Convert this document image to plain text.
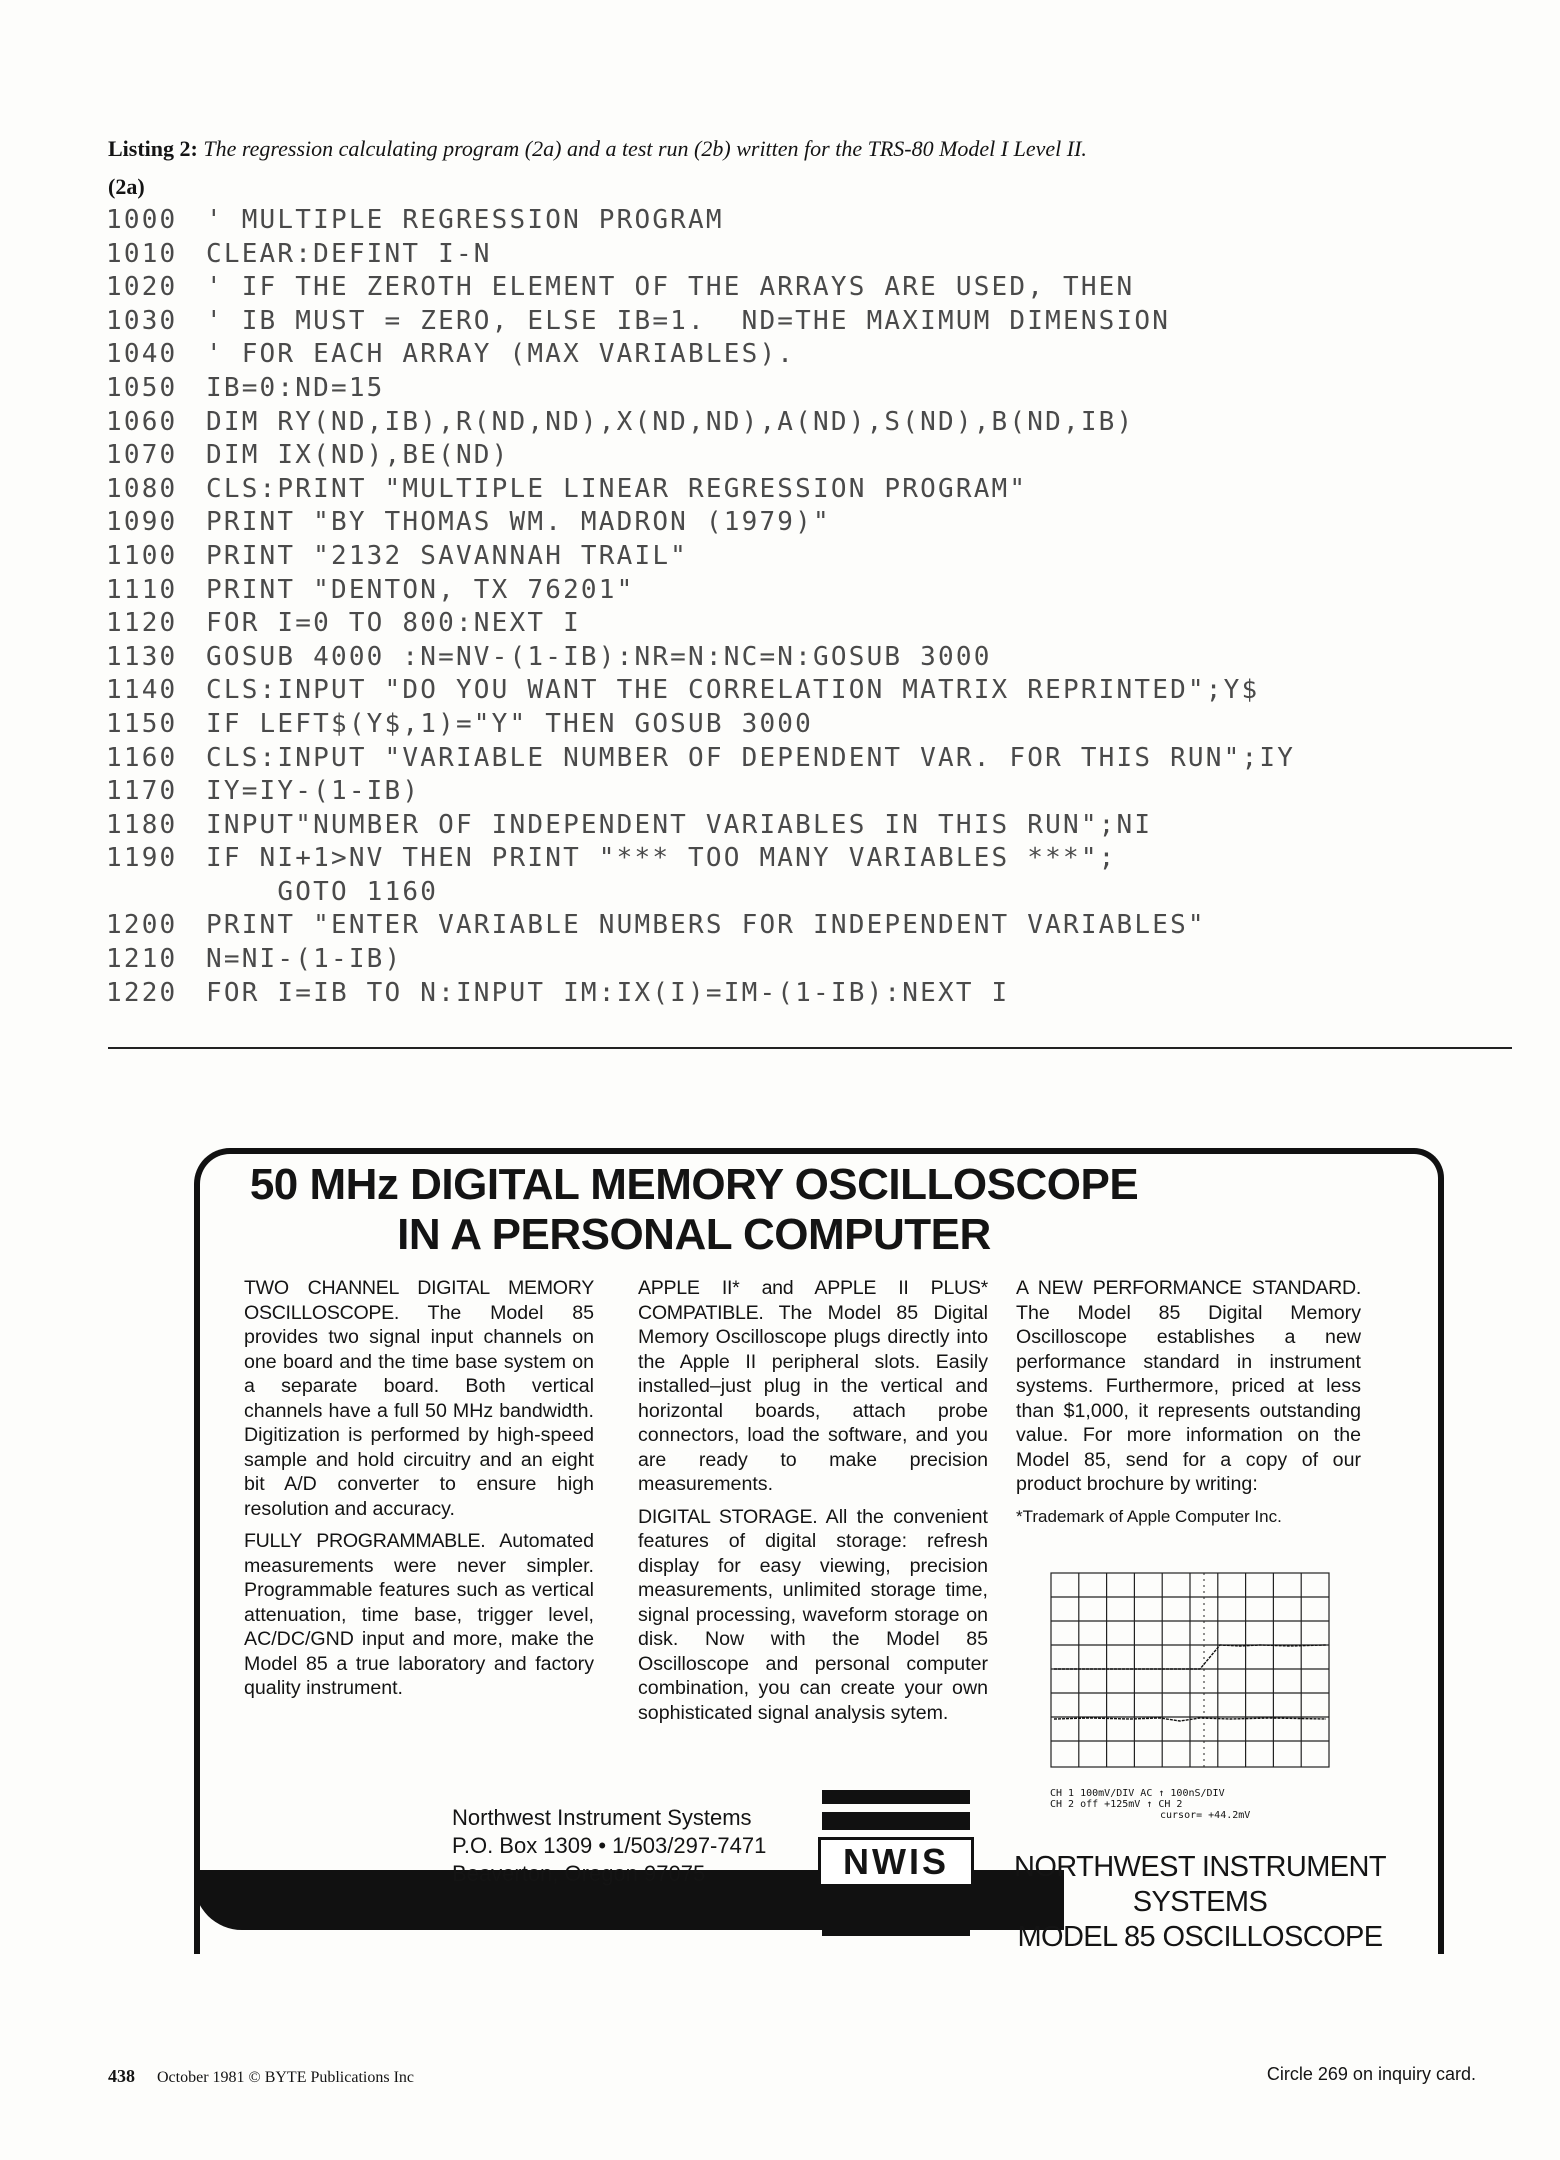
Listing 2: The regression calculating program (2a) and a test run (2b) written for the TRS-80 Model I Level II.
(2a)
1000	' MULTIPLE REGRESSION PROGRAM
1010	CLEAR:DEFINT I-N
1020	' IF THE ZEROTH ELEMENT OF THE ARRAYS ARE USED, THEN
1030	' IB MUST = ZERO, ELSE IB=1.  ND=THE MAXIMUM DIMENSION
1040	' FOR EACH ARRAY (MAX VARIABLES).
1050	IB=0:ND=15
1060	DIM RY(ND,IB),R(ND,ND),X(ND,ND),A(ND),S(ND),B(ND,IB)
1070	DIM IX(ND),BE(ND)
1080	CLS:PRINT "MULTIPLE LINEAR REGRESSION PROGRAM"
1090	PRINT "BY THOMAS WM. MADRON (1979)"
1100	PRINT "2132 SAVANNAH TRAIL"
1110	PRINT "DENTON, TX 76201"
1120	FOR I=0 TO 800:NEXT I
1130	GOSUB 4000 :N=NV-(1-IB):NR=N:NC=N:GOSUB 3000
1140	CLS:INPUT "DO YOU WANT THE CORRELATION MATRIX REPRINTED";Y$
1150	IF LEFT$(Y$,1)="Y" THEN GOSUB 3000
1160	CLS:INPUT "VARIABLE NUMBER OF DEPENDENT VAR. FOR THIS RUN";IY
1170	IY=IY-(1-IB)
1180	INPUT"NUMBER OF INDEPENDENT VARIABLES IN THIS RUN";NI
1190	IF NI+1>NV THEN PRINT "*** TOO MANY VARIABLES ***";
GOTO 1160
1200	PRINT "ENTER VARIABLE NUMBERS FOR INDEPENDENT VARIABLES"
1210	N=NI-(1-IB)
1220	FOR I=IB TO N:INPUT IM:IX(I)=IM-(1-IB):NEXT I
50 MHz DIGITAL MEMORY OSCILLOSCOPE
IN A PERSONAL COMPUTER

TWO CHANNEL DIGITAL MEMORY OSCILLOSCOPE. The Model 85 provides two signal input channels on one board and the time base system on a separate board. Both vertical channels have a full 50 MHz bandwidth. Digitization is performed by high-speed sample and hold circuitry and an eight bit A/D converter to ensure high resolution and accuracy.

FULLY PROGRAMMABLE. Automated measurements were never simpler. Programmable features such as vertical attenuation, time base, trigger level, AC/DC/GND input and more, make the Model 85 a true laboratory and factory quality instrument.

APPLE II* and APPLE II PLUS* COMPATIBLE. The Model 85 Digital Memory Oscilloscope plugs directly into the Apple II peripheral slots. Easily installed–just plug in the vertical and horizontal boards, attach probe connectors, load the software, and you are ready to make precision measurements.

DIGITAL STORAGE. All the convenient features of digital storage: refresh display for easy viewing, precision measurements, unlimited storage time, signal processing, waveform storage on disk. Now with the Model 85 Oscilloscope and personal computer combination, you can create your own sophisticated signal analysis sytem.

A NEW PERFORMANCE STANDARD. The Model 85 Digital Memory Oscilloscope establishes a new performance standard in instrument systems. Furthermore, priced at less than $1,000, it represents outstanding value. For more information on the Model 85, send for a copy of our product brochure by writing:

*Trademark of Apple Computer Inc.

CH 1 100mV/DIV AC ↑ 100nS/DIV
CH 2 off +125mV ↑ CH 2
cursor= +44.2mV
Northwest Instrument Systems
P.O. Box 1309 • 1/503/297-7471
Beaverton, Oregon 97075	NWIS	NORTHWEST INSTRUMENT
SYSTEMS
MODEL 85 OSCILLOSCOPE
438 October 1981 © BYTE Publications Inc	Circle 269 on inquiry card.
